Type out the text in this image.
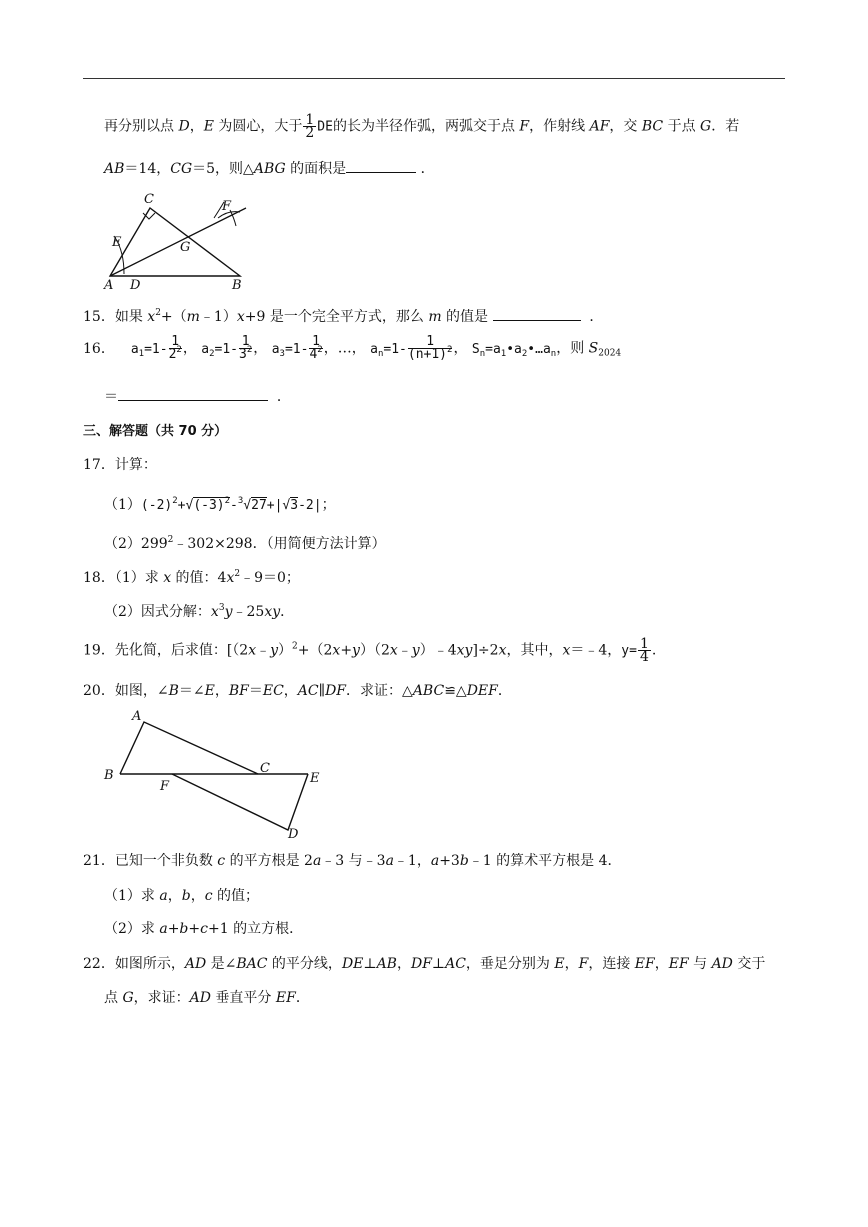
再分别以点 D，E 为圆心，大于 $\frac{1}{2}$ DE的长为半径作弧，两弧交于点 F，作射线 AF，交 BC 于点 G．若
AB＝14，CG＝5，则△ABG 的面积是	．
C	F
E	G
A D	B
15．如果 $x^2+(m﹣1)x+9$ 是一个完全平方式，那么 m 的值是	．
16． $a_1=1- \frac{1}{2^2}$ ， $a_2=1- \frac{1}{3^2}$ ， $a_3=1- \frac{1}{4^2}$ ，…， $a_n=1- \frac{1}{(n+1)^2}$ ， $S_n=a_1•a_2•\dots a_n$，则 $S_{2024}$
＝	．
三、解答题（共 70 分）
17．计算：
$(1)(-2)^2+√(-3)^2-^3√27+|√3-2|$；
$(2)299^2﹣302\times 298$．（用简便方法计算）
18．（1）求 x 的值：$4x^2﹣9=0$；
（2）因式分解：$x^3y﹣25xy$．
19．先化简，后求值：[（2x﹣y）$^2$+（2x+y）（2x﹣y）﹣4xy]÷2x，其中，x＝﹣4，$y= \frac{1}{4}$ .
20．如图，∠B＝∠E，BF＝EC，AC∥DF．求证：△ABC≌△DEF．
A
B
F
C
E
D
21．已知一个非负数 c 的平方根是 2a﹣3 与﹣3a﹣1，a+3b﹣1 的算术平方根是 4．
（1）求 a，b，c 的值；
（2）求 a+b+c+1 的立方根．
22．如图所示，AD 是∠BAC 的平分线，DE⊥AB，DF⊥AC，垂足分别为 E，F，连接 EF，EF 与 AD 交于
点 G，求证：AD 垂直平分 EF．
